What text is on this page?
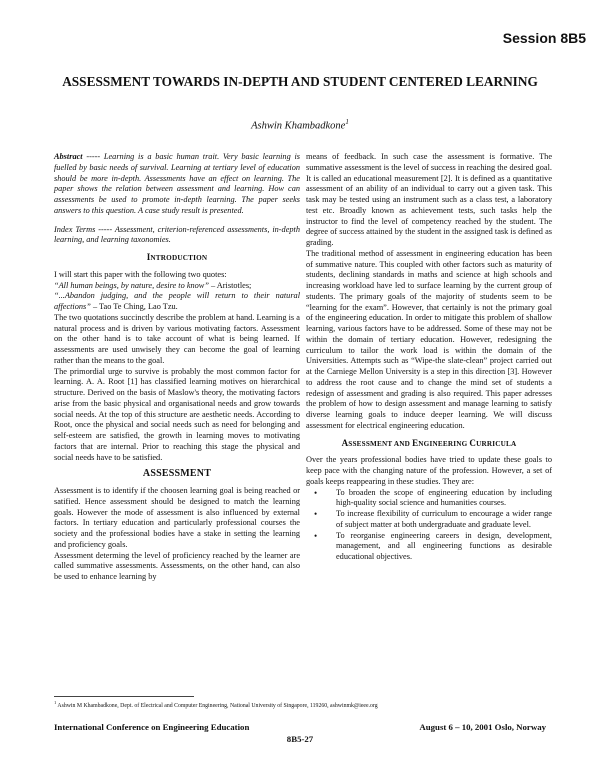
Session 8B5
ASSESSMENT TOWARDS IN-DEPTH AND STUDENT CENTERED LEARNING
Ashwin Khambadkone$^1$

Abstract ----- Learning is a basic human trait. Very basic learning is fuelled by basic needs of survival. Learning at tertiary level of education should be more in-depth. Assessments have an effect on learning. The paper shows the relation between assessment and learning. How can assessments be used to promote in-depth learning. The paper seeks answers to this question. A case study result is presented.

Index Terms ----- Assessment, criterion-referenced assessments, in-depth learning, and learning taxonomies.

INTRODUCTION

I will start this paper with the following two quotes:

“All human beings, by nature, desire to know” – Aristotles;

“...Abandon judging, and the people will return to their natural affections” – Tao Te Ching, Lao Tzu.

The two quotations succinctly describe the problem at hand. Learning is a natural process and is driven by various motivating factors. Assessment on the other hand is to take account of what is being learned. If assessments are used unwisely they can become the goal of learning rather than the means to the goal.

The primordial urge to survive is probably the most common factor for learning. A. A. Root [1] has classified learning motives on hierarchical structure. Derived on the basis of Maslow's theory, the motivating factors arise from the basic physical and organisational needs and grow towards social needs. At the top of this structure are aesthetic needs. According to Root, once the physical and social needs such as need for belonging and self-esteem are satisfied, the growth in learning moves to motivating factors that are internal. Prior to reaching this stage the physical and social needs have to be satisfied.

ASSESSMENT

Assessment is to identify if the choosen learning goal is being reached or satified. Hence assessment should be designed to match the learning goals. However the mode of assessment is also influenced by external factors. In tertiary education and particularly professional courses the society and the professional bodies have a stake in setting the learning and proficiency goals.

Assessment determing the level of proficiency reached by the learner are called summative assessments. Assessments, on the other hand, can also be used to enhance learning by

means of feedback. In such case the assessment is formative. The summative assessment is the level of success in reaching the desired goal. It is called an educational measurement [2]. It is defined as a quantitative assessment of an ability of an individual to carry out a given task. This task may be tested using an instrument such as a class test, a laboratory test etc. Broadly known as achievement tests, such tasks help the instructor to find the level of competency reached by the student. The degree of success attained by the student in the assigned task is defined as grading.

The traditional method of assessment in engineering education has been of summative nature. This coupled with other factors such as maturity of students, declining standards in maths and science at high schools and increasing workload have led to surface learning by the current group of students. The primary goals of the majority of students seem to be “learning for the exam”. However, that certainly is not the primary goal of the engineering education. In order to mitigate this problem of shallow learning, various factors have to be addressed. Some of these may not be within the domain of tertiary education. However, redesigning the curriculum to tailor the work load is within the domain of the Universities. Attempts such as “Wipe-the slate-clean” project carried out at the Carniege Mellon University is a step in this direction [3]. However to address the root cause and to change the mind set of students a redesign of assessment and grading is also required. This paper adresses the problem of how to design assessment and manage learning to satisfy diverse learning goals to induce deeper learning. We will discuss assessment for electrical engineering education.

ASSESSMENT AND ENGINEERING CURRICULA

Over the years professional bodies have tried to update these goals to keep pace with the changing nature of the profession. However, a set of goals keeps reappearing in these studies. They are:

• To broaden the scope of engineering education by including high-quality social science and humanities courses.
• To increase flexibility of curriculum to encourage a wider range of subject matter at both undergraduate and graduate level.
• To reorganise engineering careers in design, development, management, and all engineering functions as desirable educational objectives.
$^1$ Ashwin M Khambadkone, Dept. of Electrical and Computer Engineering, National University of Singapore, 119260, ashwinmk@ieee.org
International Conference on Engineering Education	August 6 – 10, 2001 Oslo, Norway
8B5-27
